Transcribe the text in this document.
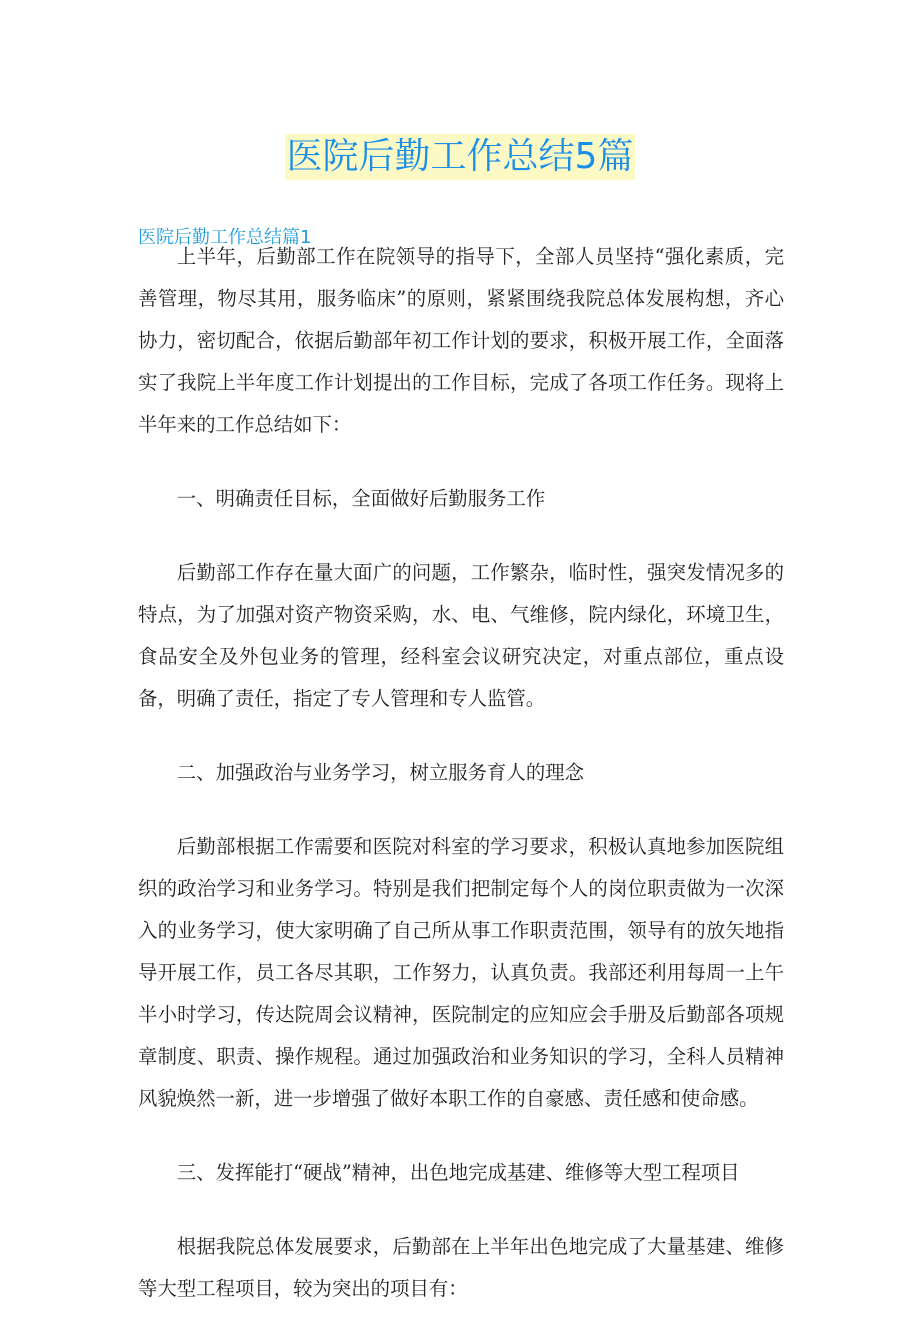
医院后勤工作总结5篇
医院后勤工作总结篇1

上半年，后勤部工作在院领导的指导下，全部人员坚持“强化素质，完善管理，物尽其用，服务临床”的原则，紧紧围绕我院总体发展构想，齐心协力，密切配合，依据后勤部年初工作计划的要求，积极开展工作，全面落实了我院上半年度工作计划提出的工作目标，完成了各项工作任务。现将上半年来的工作总结如下：

一、明确责任目标，全面做好后勤服务工作

后勤部工作存在量大面广的问题，工作繁杂，临时性，强突发情况多的特点，为了加强对资产物资采购，水、电、气维修，院内绿化，环境卫生，食品安全及外包业务的管理，经科室会议研究决定，对重点部位，重点设备，明确了责任，指定了专人管理和专人监管。

二、加强政治与业务学习，树立服务育人的理念

后勤部根据工作需要和医院对科室的学习要求，积极认真地参加医院组织的政治学习和业务学习。特别是我们把制定每个人的岗位职责做为一次深入的业务学习，使大家明确了自己所从事工作职责范围，领导有的放矢地指导开展工作，员工各尽其职，工作努力，认真负责。我部还利用每周一上午半小时学习，传达院周会议精神，医院制定的应知应会手册及后勤部各项规章制度、职责、操作规程。通过加强政治和业务知识的学习，全科人员精神风貌焕然一新，进一步增强了做好本职工作的自豪感、责任感和使命感。

三、发挥能打“硬战”精神，出色地完成基建、维修等大型工程项目

根据我院总体发展要求，后勤部在上半年出色地完成了大量基建、维修等大型工程项目，较为突出的项目有：
